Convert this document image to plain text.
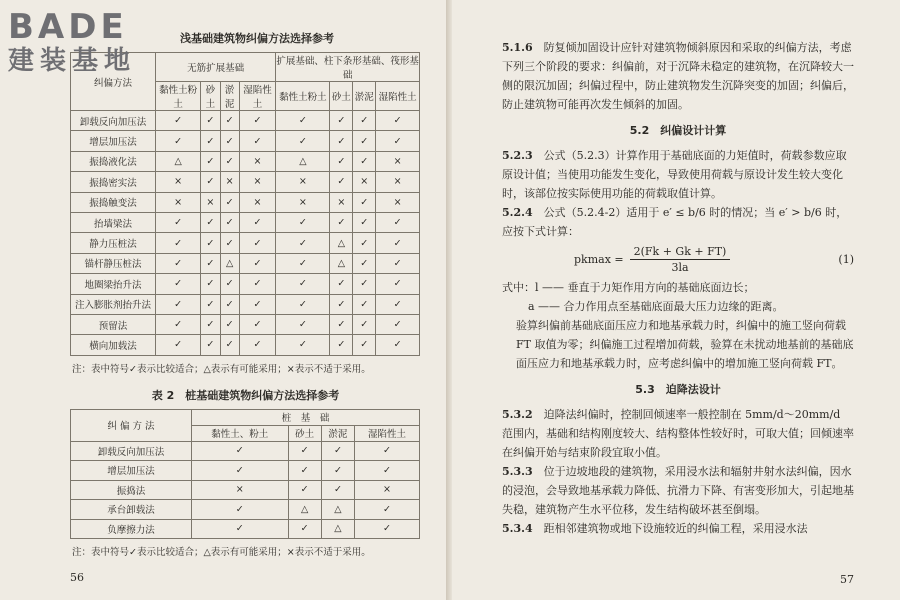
浅基础建筑物纠偏方法选择参考
纠偏方法	无筋扩展基础				扩展基础、柱下条形基础、筏形基础			
	黏性土粉土	砂土	淤泥	湿陷性土	黏性土粉土	砂土	淤泥	湿陷性土
卸载反向加压法	✓	✓	✓	✓	✓	✓	✓	✓
增层加压法	✓	✓	✓	✓	✓	✓	✓	✓
振捣液化法	△	✓	✓	×	△	✓	✓	×
振捣密实法	×	✓	×	×	×	✓	×	×
振捣触变法	×	×	✓	×	×	×	✓	×
抬墙梁法	✓	✓	✓	✓	✓	✓	✓	✓
静力压桩法	✓	✓	✓	✓	✓	△	✓	✓
锚杆静压桩法	✓	✓	△	✓	✓	△	✓	✓
地圈梁抬升法	✓	✓	✓	✓	✓	✓	✓	✓
注入膨胀剂抬升法	✓	✓	✓	✓	✓	✓	✓	✓
预留法	✓	✓	✓	✓	✓	✓	✓	✓
横向加载法	✓	✓	✓	✓	✓	✓	✓	✓
注：表中符号✓表示比较适合；△表示有可能采用；×表示不适于采用。
表 2　桩基础建筑物纠偏方法选择参考
纠 偏 方 法	桩　基　础			
	黏性土、粉土	砂土	淤泥	湿陷性土
卸载反向加压法	✓	✓	✓	✓
增层加压法	✓	✓	✓	✓
振捣法	×	✓	✓	×
承台卸载法	✓	△	△	✓
负摩擦力法	✓	✓	△	✓
注：表中符号✓表示比较适合；△表示有可能采用；×表示不适于采用。
56

5.1.6　 防复倾加固设计应针对建筑物倾斜原因和采取的纠偏方法，考虑下列三个阶段的要求：纠偏前，对于沉降未稳定的建筑物，在沉降较大一侧的限沉加固；纠偏过程中，防止建筑物发生沉降突变的加固；纠偏后，防止建筑物可能再次发生倾斜的加固。

5.2　纠偏设计计算

5.2.3　 公式（5.2.3）计算作用于基础底面的力矩值时，荷载参数应取原设计值；当使用功能发生变化，导致使用荷载与原设计发生较大变化时，该部位按实际使用功能的荷载取值计算。

5.2.4　 公式（5.2.4-2）适用于 e′ ≤ b/6 时的情况；当 e′ > b/6 时，应按下式计算：

$pkmax = \frac{2(Fk + Gk + FT)}{3la}$	(1)

式中：l —— 垂直于力矩作用方向的基础底面边长；

a —— 合力作用点至基础底面最大压力边缘的距离。

验算纠偏前基础底面压应力和地基承载力时，纠偏中的施工竖向荷载 FT 取值为零；纠偏施工过程增加荷载，验算在未扰动地基前的基础底面压应力和地基承载力时，应考虑纠偏中的增加施工竖向荷载 FT。

5.3　迫降法设计

5.3.2　 迫降法纠偏时，控制回倾速率一般控制在 5mm/d～20mm/d 范围内，基础和结构刚度较大、结构整体性较好时，可取大值；回倾速率在纠偏开始与结束阶段宜取小值。

5.3.3　 位于边坡地段的建筑物，采用浸水法和辐射井射水法纠偏，因水的浸泡，会导致地基承载力降低、抗滑力下降、有害变形加大，引起地基失稳，建筑物产生水平位移，发生结构破坏甚至倒塌。

5.3.4　 距相邻建筑物或地下设施较近的纠偏工程，采用浸水法

57
BADE
建装基地
